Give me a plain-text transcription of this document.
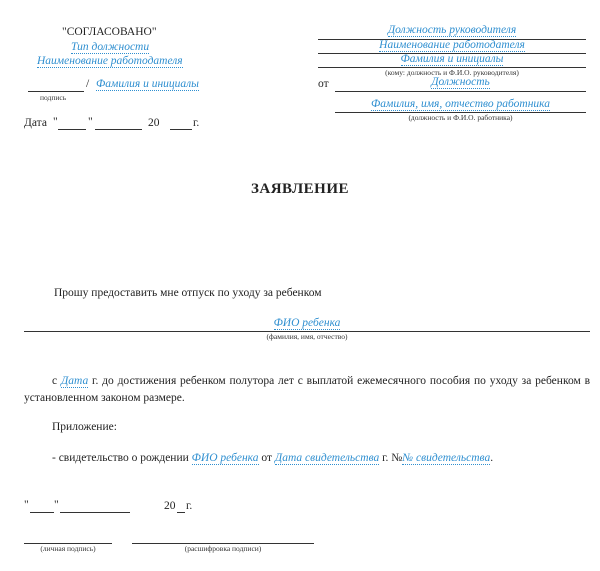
"СОГЛАСОВАНО"
Тип должности
Наименование работодателя
/ Фамилия и инициалы
подпись
Дата "	"	20	г.
Должность руководителя
Наименование работодателя
Фамилия и инициалы
(кому: должность и Ф.И.О. руководителя)
от	Должность
Фамилия, имя, отчество работника
(должность и Ф.И.О. работника)
ЗАЯВЛЕНИЕ
Прошу предоставить мне отпуск по уходу за ребенком
ФИО ребенка
(фамилия, имя, отчество)

с Дата г. до достижения ребенком полутора лет с выплатой ежемесячного пособия по уходу за ребенком в установленном законом размере.

Приложение:
- свидетельство о рождении ФИО ребенка от Дата свидетельства г. №№ свидетельства.
" "	20 г.
(личная подпись)	(расшифровка подписи)
